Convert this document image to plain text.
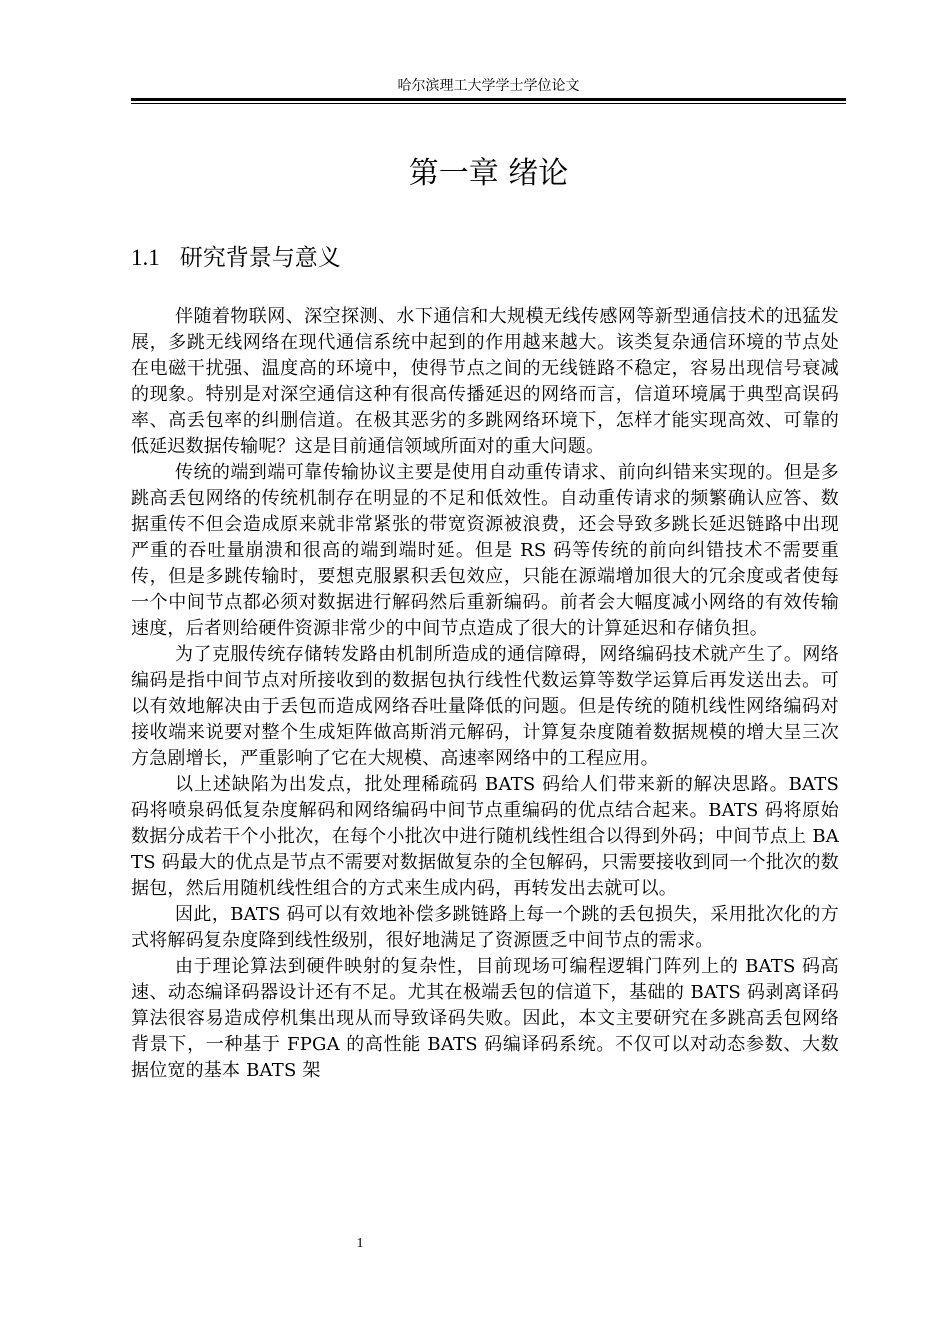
哈尔滨理工大学学士学位论文
第一章 绪论
1.1 研究背景与意义

伴随着物联网、深空探测、水下通信和大规模无线传感网等新型通信技术的迅猛发展，多跳无线网络在现代通信系统中起到的作用越来越大。该类复杂通信环境的节点处在电磁干扰强、温度高的环境中，使得节点之间的无线链路不稳定，容易出现信号衰减的现象。特别是对深空通信这种有很高传播延迟的网络而言，信道环境属于典型高误码率、高丢包率的纠删信道。在极其恶劣的多跳网络环境下，怎样才能实现高效、可靠的低延迟数据传输呢？这是目前通信领域所面对的重大问题。

传统的端到端可靠传输协议主要是使用自动重传请求、前向纠错来实现的。但是多跳高丢包网络的传统机制存在明显的不足和低效性。自动重传请求的频繁确认应答、数据重传不但会造成原来就非常紧张的带宽资源被浪费，还会导致多跳长延迟链路中出现严重的吞吐量崩溃和很高的端到端时延。但是 RS 码等传统的前向纠错技术不需要重传，但是多跳传输时，要想克服累积丢包效应，只能在源端增加很大的冗余度或者使每一个中间节点都必须对数据进行解码然后重新编码。前者会大幅度减小网络的有效传输速度，后者则给硬件资源非常少的中间节点造成了很大的计算延迟和存储负担。

为了克服传统存储转发路由机制所造成的通信障碍，网络编码技术就产生了。网络编码是指中间节点对所接收到的数据包执行线性代数运算等数学运算后再发送出去。可以有效地解决由于丢包而造成网络吞吐量降低的问题。但是传统的随机线性网络编码对接收端来说要对整个生成矩阵做高斯消元解码，计算复杂度随着数据规模的增大呈三次方急剧增长，严重影响了它在大规模、高速率网络中的工程应用。

以上述缺陷为出发点，批处理稀疏码 BATS 码给人们带来新的解决思路。BATS 码将喷泉码低复杂度解码和网络编码中间节点重编码的优点结合起来。BATS 码将原始数据分成若干个小批次，在每个小批次中进行随机线性组合以得到外码；中间节点上 BATS 码最大的优点是节点不需要对数据做复杂的全包解码，只需要接收到同一个批次的数据包，然后用随机线性组合的方式来生成内码，再转发出去就可以。

因此，BATS 码可以有效地补偿多跳链路上每一个跳的丢包损失，采用批次化的方式将解码复杂度降到线性级别，很好地满足了资源匮乏中间节点的需求。

由于理论算法到硬件映射的复杂性，目前现场可编程逻辑门阵列上的 BATS 码高速、动态编译码器设计还有不足。尤其在极端丢包的信道下，基础的 BATS 码剥离译码算法很容易造成停机集出现从而导致译码失败。因此，本文主要研究在多跳高丢包网络背景下，一种基于 FPGA 的高性能 BATS 码编译码系统。不仅可以对动态参数、大数据位宽的基本 BATS 架

1
